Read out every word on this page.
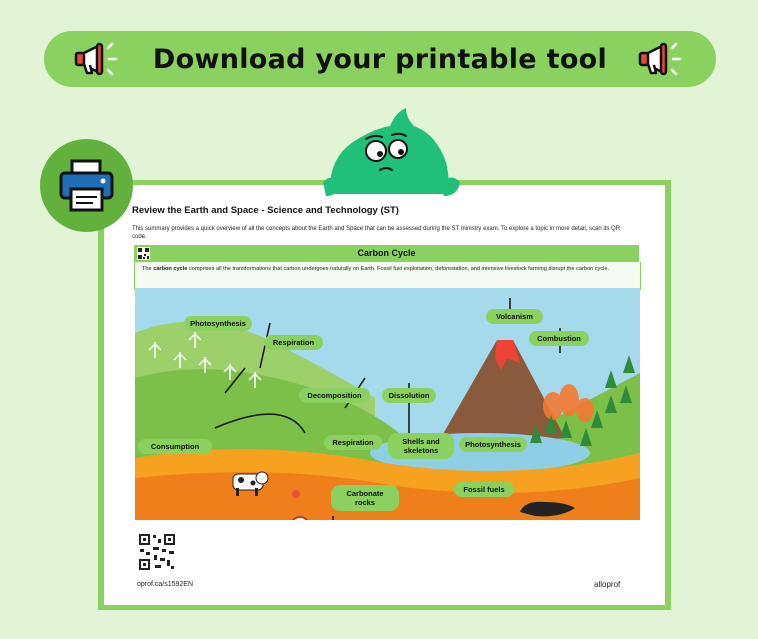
Download your printable tool
Review the Earth and Space - Science and Technology (ST)
This summary provides a quick overview of all the concepts about the Earth and Space that can be assessed during the ST ministry exam. To explore a topic in more detail, scan its QR code.
Carbon Cycle
The carbon cycle comprises all the transformations that carbon undergoes naturally on Earth. Fossil fuel exploitation, deforestation, and intensive livestock farming disrupt the carbon cycle.
Photosynthesis
Respiration
Decomposition	Dissolution
Volcanism
Combustion
Consumption	Respiration	Shells and
skeletons
Photosynthesis
Carbonate
rocks
Fossil fuels
oprof.ca/s1592EN	alloprof
